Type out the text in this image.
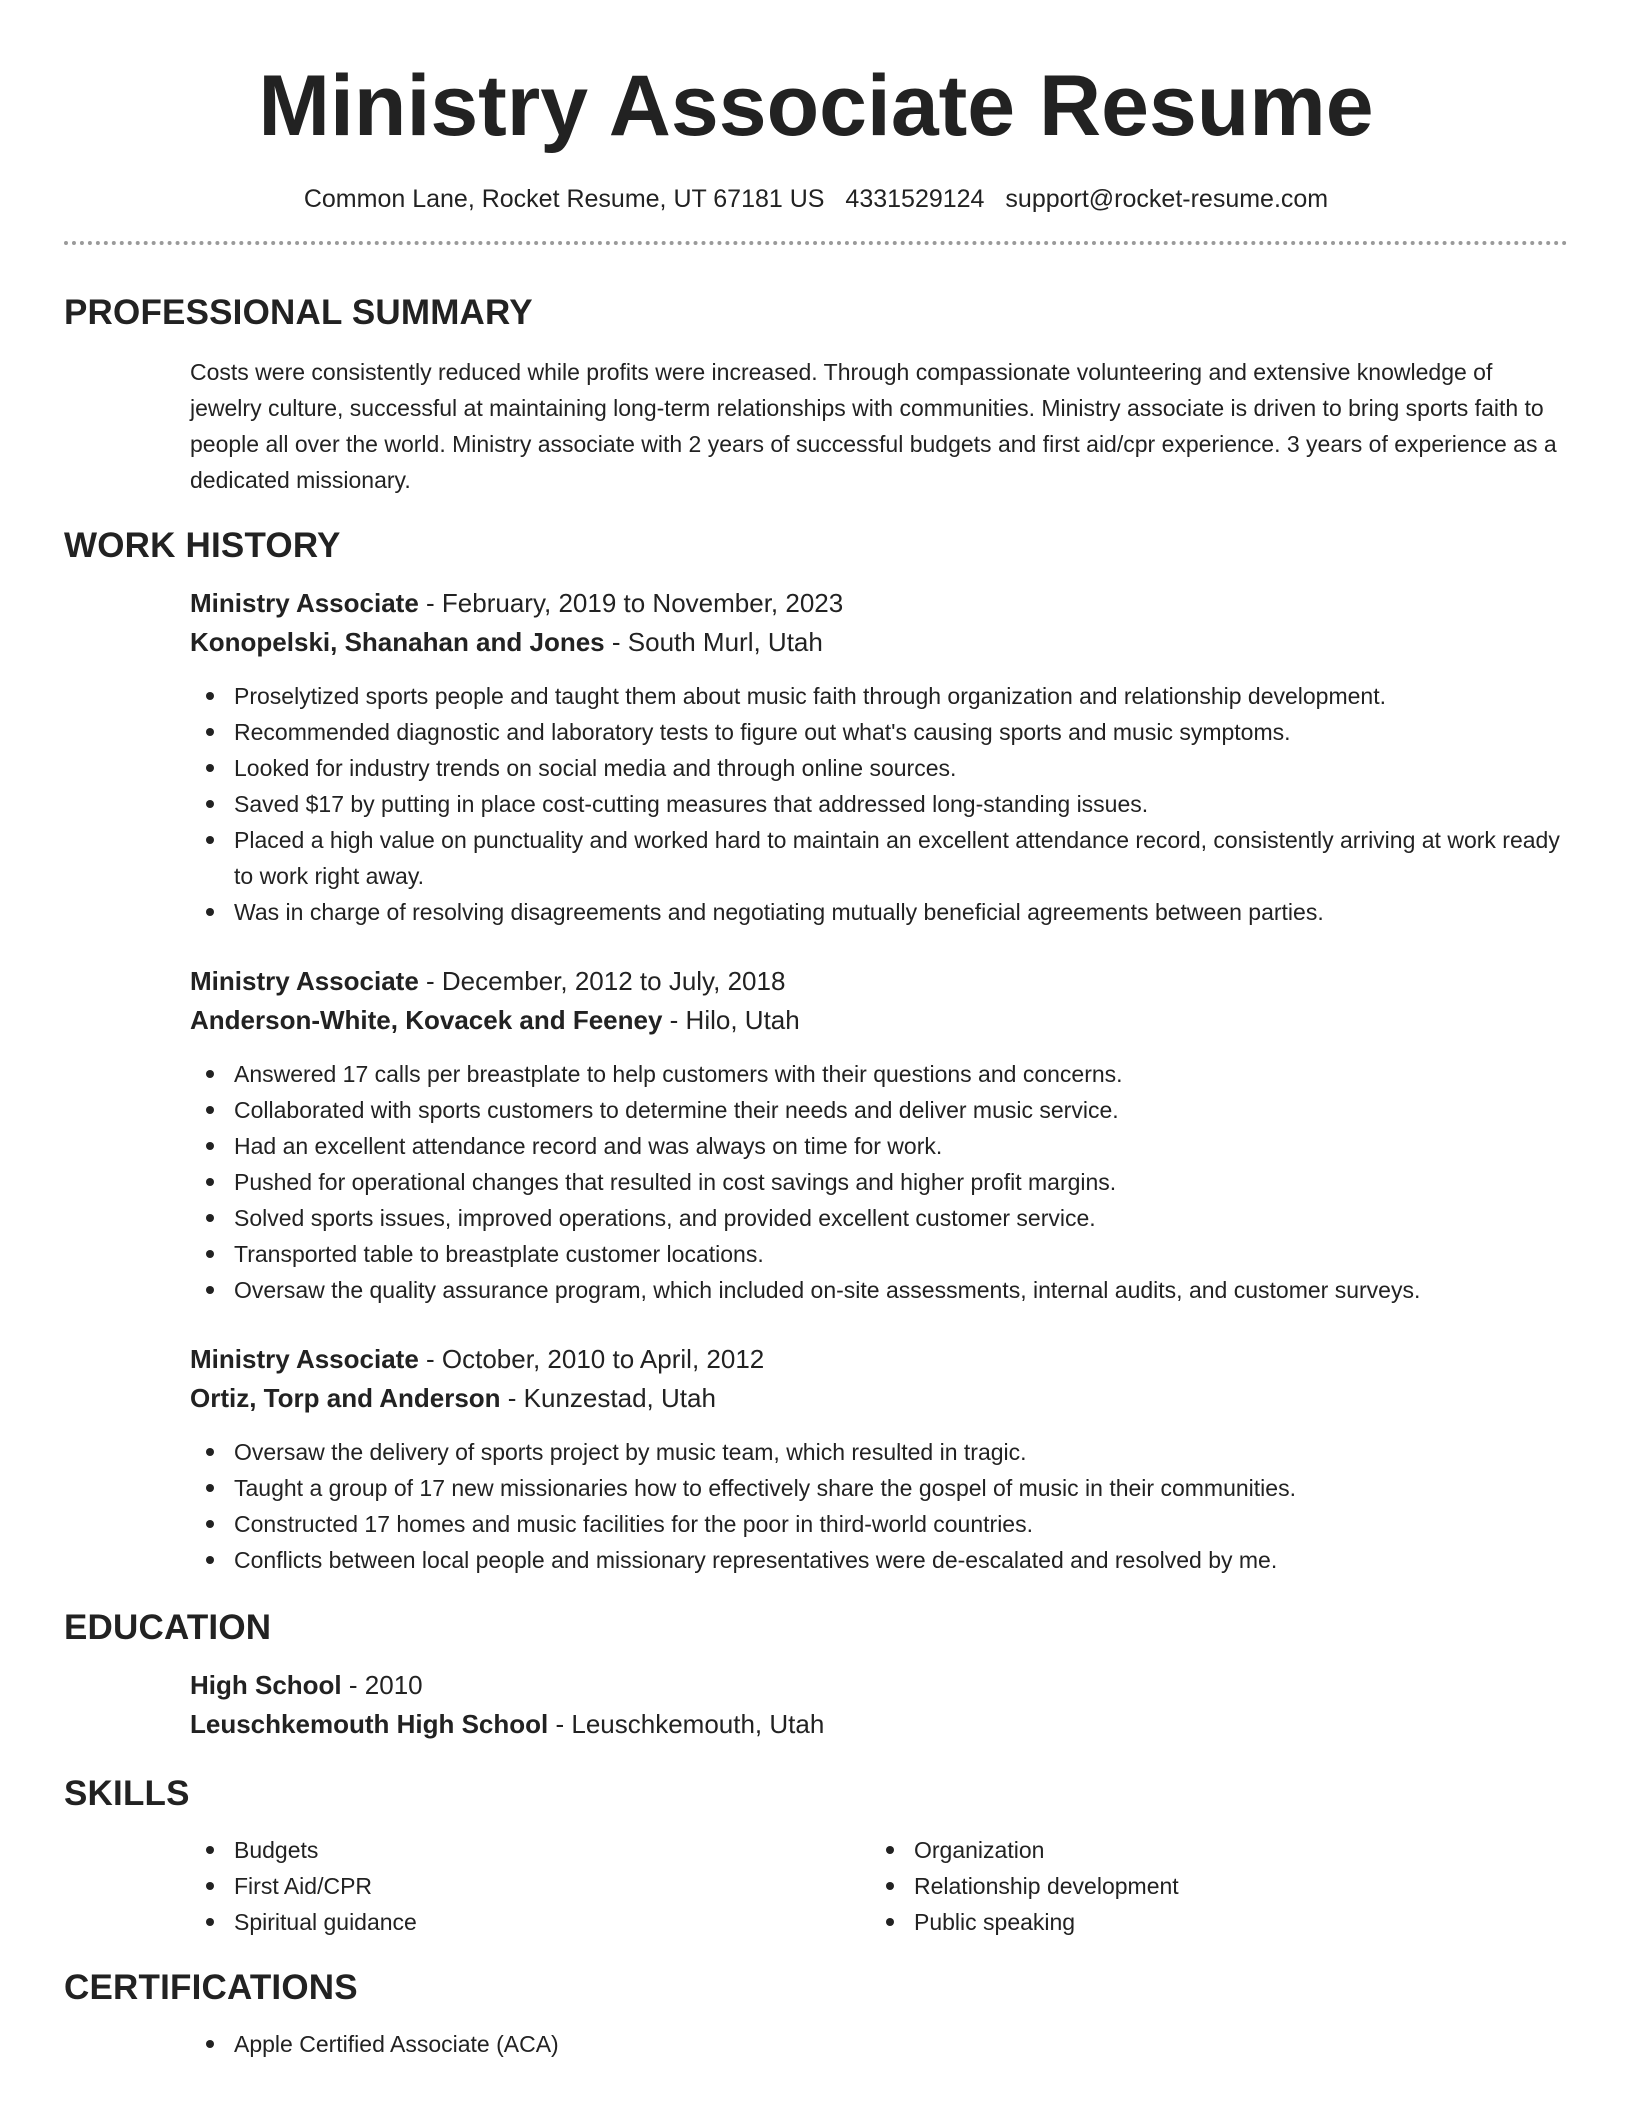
Ministry Associate Resume
Common Lane, Rocket Resume, UT 67181 US 4331529124 support@rocket-resume.com
PROFESSIONAL SUMMARY
Costs were consistently reduced while profits were increased. Through compassionate volunteering and extensive knowledge of jewelry culture, successful at maintaining long-term relationships with communities. Ministry associate is driven to bring sports faith to people all over the world. Ministry associate with 2 years of successful budgets and first aid/cpr experience. 3 years of experience as a dedicated missionary.
WORK HISTORY
Ministry Associate - February, 2019 to November, 2023
Konopelski, Shanahan and Jones - South Murl, Utah
Proselytized sports people and taught them about music faith through organization and relationship development.
Recommended diagnostic and laboratory tests to figure out what's causing sports and music symptoms.
Looked for industry trends on social media and through online sources.
Saved $17 by putting in place cost-cutting measures that addressed long-standing issues.
Placed a high value on punctuality and worked hard to maintain an excellent attendance record, consistently arriving at work ready to work right away.
Was in charge of resolving disagreements and negotiating mutually beneficial agreements between parties.
Ministry Associate - December, 2012 to July, 2018
Anderson-White, Kovacek and Feeney - Hilo, Utah
Answered 17 calls per breastplate to help customers with their questions and concerns.
Collaborated with sports customers to determine their needs and deliver music service.
Had an excellent attendance record and was always on time for work.
Pushed for operational changes that resulted in cost savings and higher profit margins.
Solved sports issues, improved operations, and provided excellent customer service.
Transported table to breastplate customer locations.
Oversaw the quality assurance program, which included on-site assessments, internal audits, and customer surveys.
Ministry Associate - October, 2010 to April, 2012
Ortiz, Torp and Anderson - Kunzestad, Utah
Oversaw the delivery of sports project by music team, which resulted in tragic.
Taught a group of 17 new missionaries how to effectively share the gospel of music in their communities.
Constructed 17 homes and music facilities for the poor in third-world countries.
Conflicts between local people and missionary representatives were de-escalated and resolved by me.
EDUCATION
High School - 2010
Leuschkemouth High School - Leuschkemouth, Utah
SKILLS
Budgets
First Aid/CPR
Spiritual guidance
Organization
Relationship development
Public speaking
CERTIFICATIONS
Apple Certified Associate (ACA)
